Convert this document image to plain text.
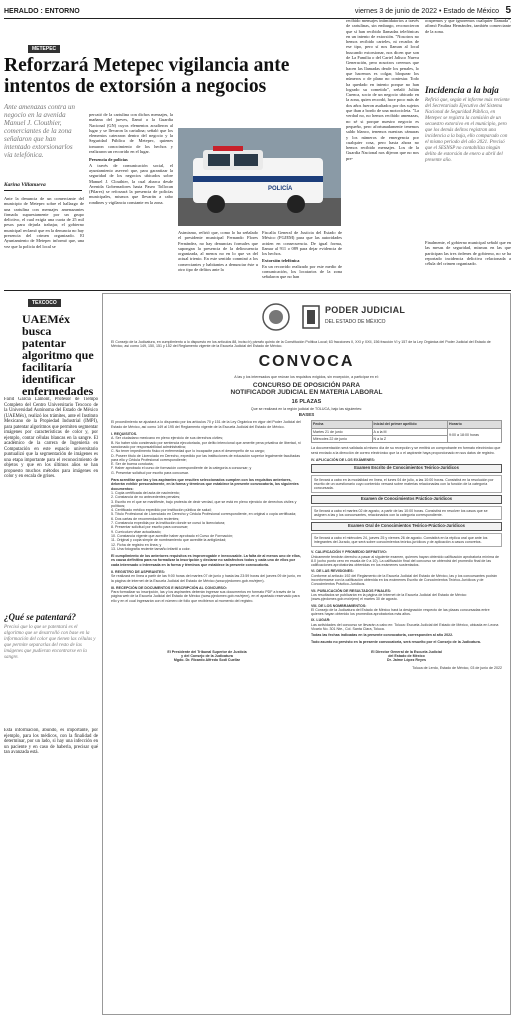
HERALDO : ENTORNO	viernes 3 de junio de 2022 • Estado de México 5
METEPEC
Reforzará Metepec vigilancia ante intentos de extorsión a negocios
Ante amenazas contra un negocio en la avenida Manuel J. Clouthier, comerciantes de la zona señalaron que han intentado extorsionarlos vía telefónica.
Karina Villanueva
Ante la denuncia de un comerciante del municipio de Metepec sobre el hallazgo de una cartulina con mensajes amenazantes firmada supuestamente por un grupo delictivo, el cual exigía una cuota de 25 mil pesos para dejarla trabajar, el gobierno municipal reclamó que en la denuncia no hay presencia del crimen organizado. El Ayuntamiento de Metepec informó que, una vez que la policía del local se
percató de la cartulina con dichos mensajes, la mañana del jueves, llamó a la Guardia Nacional (GN) cuyos elementos acudieron al lugar y se llevaron la cartulina; señaló que los elementos cateraron dentro del negocio y la Seguridad Pública de Metepec, quienes tomaron conocimiento de los hechos y realizaron un recorrido en el lugar.
Presencia de policías
A través de comunicación social, el ayuntamiento aseveró que, para garantizar la seguridad de los negocios ubicados sobre Manuel J. Clouthier, la cual abarca desde Avenida Gobernadores hasta Paseo Tollocan (Pilares) se reforzará la presencia de policías municipales, mismos que llevarán a cabo rondines y vigilancia constante en la zona.
POLICÍA
Asimismo, refirió que, como lo ha señalado el presidente municipal Fernando Flores Fernández, no hay denuncias formales que supongan la presencia de la delincuencia organizada, al menos no en lo que va del actual trienio. En este sentido conminó a los comerciantes y habitantes a denunciar éste u otro tipo de delitos ante la
Fiscalía General de Justicia del Estado de México (FGJEM) para que las autoridades actúen en consecuencia. De igual forma, llamar al 911 o 089 para dejar evidencia de los hechos.
Extorsión telefónica
En un recorrido realizado por este medio de comunicación, los locatarios de la zona señalaron que no han
recibido mensajes intimidatorios a través de cartulinas, sin embargo, reconocieron que sí han recibido llamadas telefónicas en un intento de extorsión. "Nosotros no hemos recibido carteles, ni recados de ese tipo, pero sí nos llaman al local buscando extorsionar, nos dicen que son de La Familia o del Cartel Jalisco Nueva Generación, pero nosotros creemos que hacen las llamadas desde los penales, lo que hacemos es colgar, bloquear los números o de plano no contestar. Todo ha quedado en intento porque no han logrado su cometido", señaló Julián Cuenca, socio de un negocio ubicado en la zona, quien recordó, hace poco más de dos años fueron asaltados por dos sujetos que iban a bordo de una motocicleta. "La verdad no, no hemos recibido amenazas, no sé si porque nuestro negocio es pequeño, pero afortunadamente tenemos saldo blanco, tenemos nuestras cámaras y los números de emergencia por cualquier cosa, pero hasta ahora no hemos recibido mensajes. Los de la Guardia Nacional nos dijeron que no nos pre-
ocupemos y que ignoremos cualquier llamada", afirmó Paulina Hernández, también comerciante de la zona.
Incidencia a la baja
Refirió que, según el informe más reciente del Secretariado Ejecutivo del Sistema Nacional de Seguridad Pública, en Metepec se registra la comisión de un secuestro extorsivo en el municipio, pero que los demás delitos registran una incidencia a la baja, ello comparado con el mismo periodo del año 2021. Precisó que el SESNSP no contabiliza ningún delito de extorsión de enero a abril del presente año.
Finalmente, el gobierno municipal señaló que en las mesas de seguridad, mismas en las que participan las tres órdenes de gobierno, no se ha reportado incidencia delictiva relacionada a célula del crimen organizado.
TEXCOCO
UAEMéx busca patentar algoritmo que facilitaría identificar enfermedades
Farid García Lamont, Profesor de Tiempo Completo del Centro Universitario Texcoco de la Universidad Autónoma del Estado de México (UAEMéx), realizó los trámites, ante el Instituto Mexicano de la Propiedad Industrial (IMPI), para patentar algoritmos que permiten segmentar imágenes por características de color y, por ejemplo, contar células blancas en la sangre. El académico de la carrera de Ingeniería en Computación en este espacio universitario puntualizó que la segmentación de imágenes es una etapa importante para el reconocimiento de objetos y que en los últimos años se han propuesto muchos métodos para imágenes en color y en escala de grises.
¿Qué se patentará?
Precisó que lo que se patentará es el algoritmo que se desarrolló con base en la información del color que tienen las células y que permite separarlas del resto de las imágenes que pudieran encontrarse en la sangre.
Esta información, abundó, es importante, por ejemplo, para los médicos, con la finalidad de determinar, por un lado, si hay una infección en un paciente y en caso de haberla, precisar qué tan avanzada está.
PODER JUDICIAL
DEL ESTADO DE MÉXICO
El Consejo de la Judicatura, en cumplimiento a lo dispuesto en los artículos 88, inciso b) párrafo quinto de la Constitución Política Local; 63 fracciones II, XXI y XXII, 156 fracción VI y 157 de la Ley Orgánica del Poder Judicial del Estado de México, así como 149, 150, 151 y 152 del Reglamento vigente de la Escuela Judicial del Estado de México.
CONVOCA
A las y los interesados que reúnan los requisitos exigidos, sin excepción, a participar en el:
CONCURSO DE OPOSICIÓN PARA
NOTIFICADOR JUDICIAL EN MATERIA LABORAL
16 PLAZAS
Que se realizará en la región judicial de TOLUCA, bajo las siguientes:
BASES
El procedimiento se ajustará a lo dispuesto por los artículos 70 y 151 de la Ley Orgánica en vigor del Poder Judicial del Estado de México, así como 149 al 195 del Reglamento vigente de la Escuela Judicial del Estado de México.
I. REQUISITOS.
A. Ser ciudadano mexicano en pleno ejercicio de sus derechos civiles;
B. No haber sido condenado por sentencia ejecutoriada, por delito intencional que amerite pena privativa de libertad, ni sancionado por responsabilidad administrativa;
C. No tener impedimento físico ni enfermedad que lo incapacite para el desempeño de su cargo;
D. Poseer título de Licenciado en Derecho, expedido por las instituciones de educación superior legalmente facultadas para ello y Cédula Profesional correspondiente;
E. Ser de buena conducta;
F. Haber aprobado el curso de formación correspondiente de la categoría a concursar; y
G. Presentar solicitud por escrito para concursar.
Para acreditar que las y los aspirantes que resulten seleccionados cumplen con los requisitos anteriores, deberán exhibir personalmente, en la forma y términos que establece la presente convocatoria, los siguientes documentos:
1. Copia certificada del acta de nacimiento;
2. Constancia de no antecedentes penales;
3. Escrito en el que se manifieste, bajo protesta de decir verdad, que se está en pleno ejercicio de derechos civiles y políticos;
4. Certificado médico expedido por institución pública de salud;
5. Título Profesional de Licenciado en Derecho y Cédula Profesional correspondiente, en original o copia certificada;
6. Dos cartas de recomendación recientes;
7. Constancia expedida por la institución donde se cursó la licenciatura;
8. Presentar solicitud por escrito para concursar;
9. Currículum vitae actualizado;
10. Constancia vigente que acredite haber aprobado el Curso de Formación;
11. Original y copia simple de nombramiento que acredite la antigüedad;
12. Ficha de registro en línea; y
13. Una fotografía reciente tamaño infantil a color.
El cumplimiento de los anteriores requisitos es improrrogable e inexcusable. La falta de al menos uno de ellos, es causa definitiva para no formalizar la inscripción y declarar no satisfechos todos y cada uno de ellos por cada interesado o interesada en la forma y términos que establece la presente convocatoria.
II. REGISTRO DE ASPIRANTES:
Se realizará en línea a partir de las 9:00 horas del martes 07 de junio y hasta las 23:59 horas del jueves 09 de junio, en la página de internet de la Escuela Judicial del Estado de México (www.pjedomex.gob.mx/ejem).
III. RECEPCIÓN DE DOCUMENTOS E INSCRIPCIÓN AL CONCURSO:
Para formalizar su inscripción, las y los aspirantes deberán ingresar sus documentos en formato PDF a través de la página web de la Escuela Judicial del Estado de México (www.pjedomex.gob.mx/ejem), en el apartado reservado para ello y en el cual ingresarán con el número de folio que recibieron al momento del registro.
Fecha	Inicial del primer apellido	Horario
Martes 21 de junio	A a la M	9:00 a 18:00 horas
Miércoles 22 de junio	N a la Z	
La documentación será validada al mismo día de su recepción y se emitirá un comprobante en formato electrónico que será enviado a la dirección de correo electrónico que la o el aspirante haya proporcionado en sus datos de registro.
IV. APLICACIÓN DE LOS EXÁMENES:
Examen Escrito de Conocimientos Teórico-Jurídicos
Se llevará a cabo en la modalidad en línea, el lunes 04 de julio, a las 10:00 horas. Consistirá en la resolución por escrito de un cuestionario cuyo contenido versará sobre materias relacionadas con la función de la categoría concursada.
Examen de Conocimientos Práctico-Jurídicos
Se llevará a cabo el martes 02 de agosto, a partir de las 10:00 horas. Consistirá en resolver los casos que se asignen a las y los concursantes, relacionados con la categoría correspondiente.
Examen Oral de Conocimientos Teórico-Práctico-Jurídicos
Se llevará a cabo el miércoles 24, jueves 25 y viernes 26 de agosto. Consistirá en la réplica oral que ante los integrantes del Jurado, que será sobre conocimientos teórico-jurídicos y de aplicación a casos concretos.
V. CALIFICACIÓN Y PROMEDIO DEFINITIVO:
Únicamente tendrán derecho a pasar al siguiente examen, quienes hayan obtenido calificación aprobatoria mínima de 8.0 (ocho punto cero en escala de 0 a 10). La calificación final del concurso se obtendrá del promedio final de las calificaciones aprobatorias obtenidas en los exámenes sustentados.
VI. DE LAS REVISIONES:
Conforme al artículo 192 del Reglamento de la Escuela Judicial del Estado de México, las y los concursantes podrán inconformarse con la calificación obtenida en los exámenes Escrito de Conocimientos Teórico-Jurídicos y de Conocimientos Práctico-Jurídicos.
VII. PUBLICACIÓN DE RESULTADOS FINALES:
Los resultados se publicarán en la página de Internet de la Escuela Judicial del Estado de México (www.pjedomex.gob.mx/ejem) el martes 30 de agosto.
VIII. DE LOS NOMBRAMIENTOS:
El Consejo de la Judicatura del Estado de México hará la designación respecto de las plazas concursadas entre quienes hayan obtenido los promedios aprobatorios más altos.
IX. LUGAR:
Las actividades del concurso se llevarán a cabo en: Toluca: Escuela Judicial del Estado de México, ubicada en Leona Vicario No. 301 Nte., Col. Santa Clara, Toluca.
Todas las fechas indicadas en la presente convocatoria, corresponden al año 2022.
Todo asunto no previsto en la presente convocatoria, será resuelto por el Consejo de la Judicatura.
El Presidente del Tribunal Superior de Justicia
y del Consejo de la Judicatura
Mgdo. Dr. Ricardo Alfredo Sodi Cuellar
El Director General de la Escuela Judicial
del Estado de México
Dr. Jaime López Reyes
Toluca de Lerdo, Estado de México, 03 de junio de 2022
